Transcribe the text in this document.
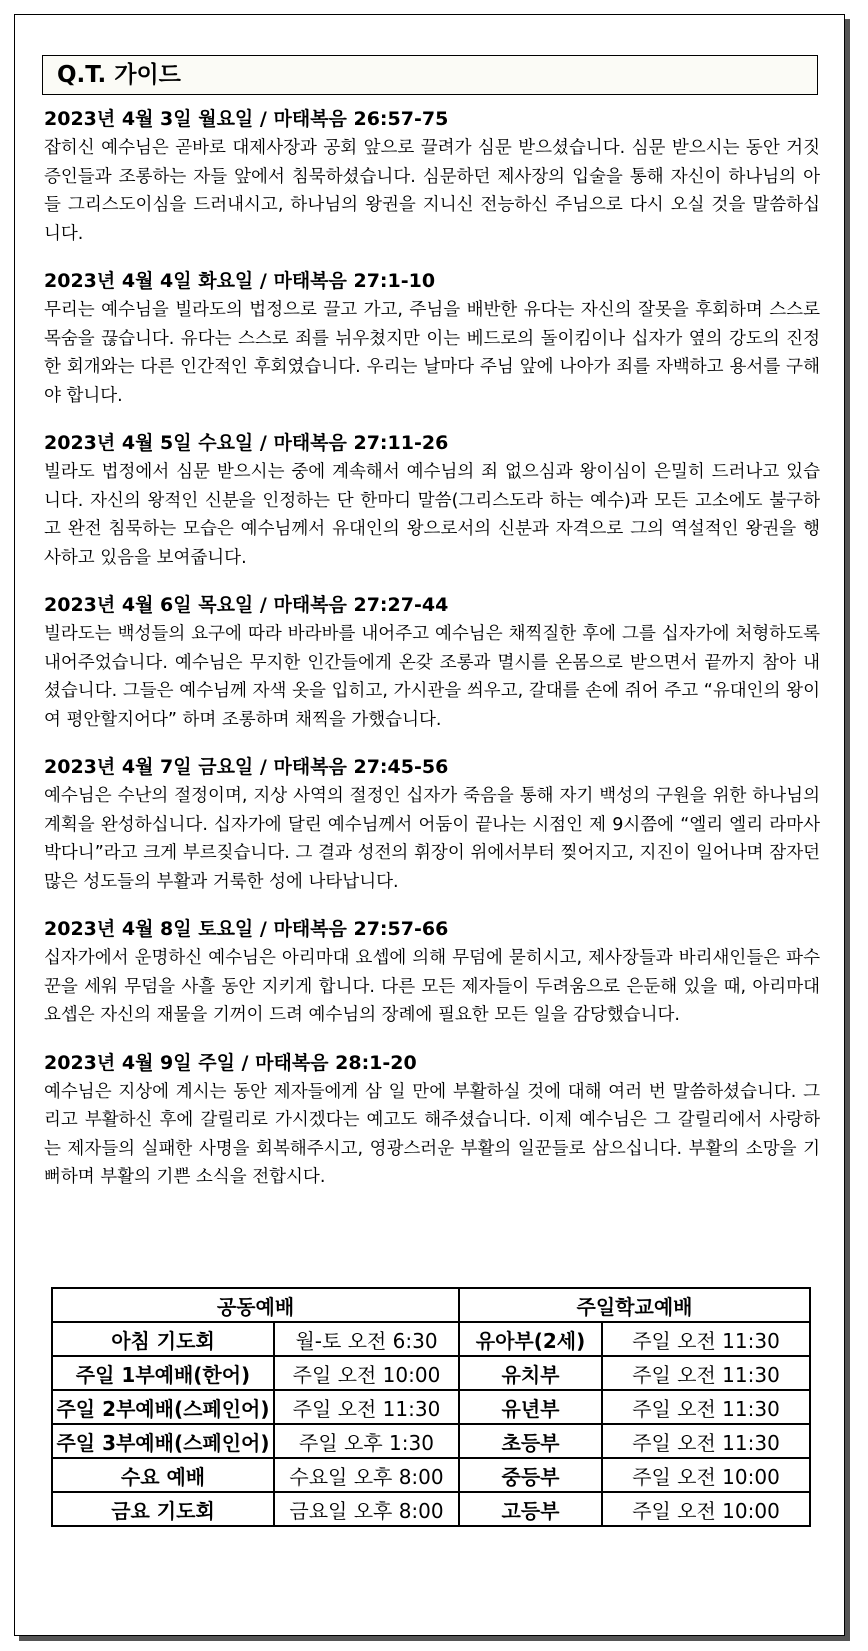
Q.T. 가이드
2023년 4월 3일 월요일 / 마태복음 26:57-75
잡히신 예수님은 곧바로 대제사장과 공회 앞으로 끌려가 심문 받으셨습니다. 심문 받으시는 동안 거짓 증인들과 조롱하는 자들 앞에서 침묵하셨습니다. 심문하던 제사장의 입술을 통해 자신이 하나님의 아들 그리스도이심을 드러내시고, 하나님의 왕권을 지니신 전능하신 주님으로 다시 오실 것을 말씀하십니다.
2023년 4월 4일 화요일 / 마태복음 27:1-10
무리는 예수님을 빌라도의 법정으로 끌고 가고, 주님을 배반한 유다는 자신의 잘못을 후회하며 스스로 목숨을 끊습니다. 유다는 스스로 죄를 뉘우쳤지만 이는 베드로의 돌이킴이나 십자가 옆의 강도의 진정한 회개와는 다른 인간적인 후회였습니다. 우리는 날마다 주님 앞에 나아가 죄를 자백하고 용서를 구해야 합니다.
2023년 4월 5일 수요일 / 마태복음 27:11-26
빌라도 법정에서 심문 받으시는 중에 계속해서 예수님의 죄 없으심과 왕이심이 은밀히 드러나고 있습니다. 자신의 왕적인 신분을 인정하는 단 한마디 말씀(그리스도라 하는 예수)과 모든 고소에도 불구하고 완전 침묵하는 모습은 예수님께서 유대인의 왕으로서의 신분과 자격으로 그의 역설적인 왕권을 행사하고 있음을 보여줍니다.
2023년 4월 6일 목요일 / 마태복음 27:27-44
빌라도는 백성들의 요구에 따라 바라바를 내어주고 예수님은 채찍질한 후에 그를 십자가에 처형하도록 내어주었습니다. 예수님은 무지한 인간들에게 온갖 조롱과 멸시를 온몸으로 받으면서 끝까지 참아 내셨습니다. 그들은 예수님께 자색 옷을 입히고, 가시관을 씌우고, 갈대를 손에 쥐어 주고 “유대인의 왕이여 평안할지어다” 하며 조롱하며 채찍을 가했습니다.
2023년 4월 7일 금요일 / 마태복음 27:45-56
예수님은 수난의 절정이며, 지상 사역의 절정인 십자가 죽음을 통해 자기 백성의 구원을 위한 하나님의 계획을 완성하십니다. 십자가에 달린 예수님께서 어둠이 끝나는 시점인 제 9시쯤에 “엘리 엘리 라마사박다니”라고 크게 부르짖습니다. 그 결과 성전의 휘장이 위에서부터 찢어지고, 지진이 일어나며 잠자던 많은 성도들의 부활과 거룩한 성에 나타납니다.
2023년 4월 8일 토요일 / 마태복음 27:57-66
십자가에서 운명하신 예수님은 아리마대 요셉에 의해 무덤에 묻히시고, 제사장들과 바리새인들은 파수꾼을 세워 무덤을 사흘 동안 지키게 합니다. 다른 모든 제자들이 두려움으로 은둔해 있을 때, 아리마대 요셉은 자신의 재물을 기꺼이 드려 예수님의 장례에 필요한 모든 일을 감당했습니다.
2023년 4월 9일 주일 / 마태복음 28:1-20
예수님은 지상에 계시는 동안 제자들에게 삼 일 만에 부활하실 것에 대해 여러 번 말씀하셨습니다. 그리고 부활하신 후에 갈릴리로 가시겠다는 예고도 해주셨습니다. 이제 예수님은 그 갈릴리에서 사랑하는 제자들의 실패한 사명을 회복해주시고, 영광스러운 부활의 일꾼들로 삼으십니다. 부활의 소망을 기뻐하며 부활의 기쁜 소식을 전합시다.
공동예배		주일학교예배	
아침 기도회	월-토 오전 6:30	유아부(2세)	주일 오전 11:30
주일 1부예배(한어)	주일 오전 10:00	유치부	주일 오전 11:30
주일 2부예배(스페인어)	주일 오전 11:30	유년부	주일 오전 11:30
주일 3부예배(스페인어)	주일 오후 1:30	초등부	주일 오전 11:30
수요 예배	수요일 오후 8:00	중등부	주일 오전 10:00
금요 기도회	금요일 오후 8:00	고등부	주일 오전 10:00
